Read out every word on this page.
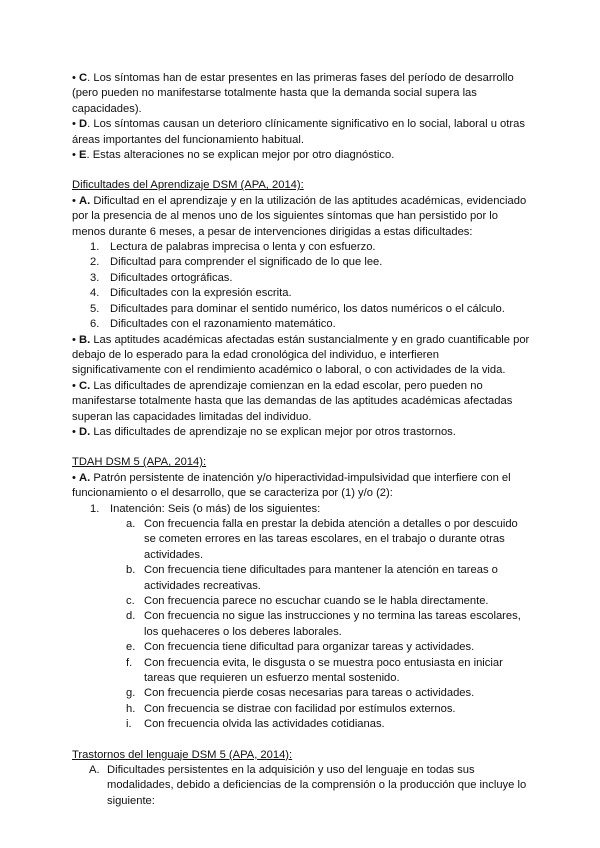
• C. Los síntomas han de estar presentes en las primeras fases del período de desarrollo (pero pueden no manifestarse totalmente hasta que la demanda social supera las capacidades).

• D. Los síntomas causan un deterioro clínicamente significativo en lo social, laboral u otras áreas importantes del funcionamiento habitual.

• E. Estas alteraciones no se explican mejor por otro diagnóstico.

Dificultades del Aprendizaje DSM (APA, 2014):

• A. Dificultad en el aprendizaje y en la utilización de las aptitudes académicas, evidenciado por la presencia de al menos uno de los siguientes síntomas que han persistido por lo menos durante 6 meses, a pesar de intervenciones dirigidas a estas dificultades:

1. Lectura de palabras imprecisa o lenta y con esfuerzo.
2. Dificultad para comprender el significado de lo que lee.
3. Dificultades ortográficas.
4. Dificultades con la expresión escrita.
5. Dificultades para dominar el sentido numérico, los datos numéricos o el cálculo.
6. Dificultades con el razonamiento matemático.

• B. Las aptitudes académicas afectadas están sustancialmente y en grado cuantificable por debajo de lo esperado para la edad cronológica del individuo, e interfieren significativamente con el rendimiento académico o laboral, o con actividades de la vida.

• C. Las dificultades de aprendizaje comienzan en la edad escolar, pero pueden no manifestarse totalmente hasta que las demandas de las aptitudes académicas afectadas superan las capacidades limitadas del individuo.

• D. Las dificultades de aprendizaje no se explican mejor por otros trastornos.

TDAH DSM 5 (APA, 2014):

• A. Patrón persistente de inatención y/o hiperactividad-impulsividad que interfiere con el funcionamiento o el desarrollo, que se caracteriza por (1) y/o (2):

1. Inatención: Seis (o más) de los siguientes:
a. Con frecuencia falla en prestar la debida atención a detalles o por descuido se cometen errores en las tareas escolares, en el trabajo o durante otras actividades.
b. Con frecuencia tiene dificultades para mantener la atención en tareas o actividades recreativas.
c. Con frecuencia parece no escuchar cuando se le habla directamente.
d. Con frecuencia no sigue las instrucciones y no termina las tareas escolares, los quehaceres o los deberes laborales.
e. Con frecuencia tiene dificultad para organizar tareas y actividades.
f. Con frecuencia evita, le disgusta o se muestra poco entusiasta en iniciar tareas que requieren un esfuerzo mental sostenido.
g. Con frecuencia pierde cosas necesarias para tareas o actividades.
h. Con frecuencia se distrae con facilidad por estímulos externos.
i. Con frecuencia olvida las actividades cotidianas.

Trastornos del lenguaje DSM 5 (APA, 2014):

A. Dificultades persistentes en la adquisición y uso del lenguaje en todas sus modalidades, debido a deficiencias de la comprensión o la producción que incluye lo siguiente:
